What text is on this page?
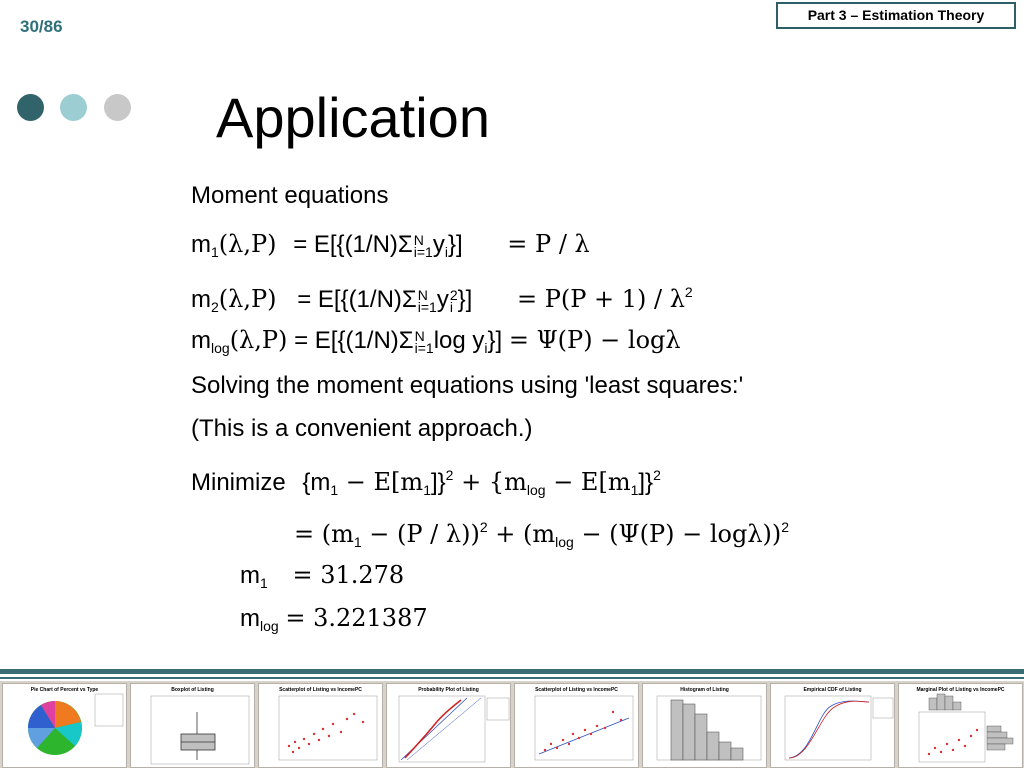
30/86
Part 3 – Estimation Theory
Application
Moment equations
$m_1(\lambda,P) = E[\{(1/N)\Sigma$ N
i=1 $y_i\}] = P / \lambda$
$m_2(\lambda,P) = E[\{(1/N)\Sigma$ N
i=1 y 2
i }] = $P(P + 1) / \lambda^2$
$m_{log}(\lambda,P) = E[\{(1/N)\Sigma$ N
i=1 $\log y_i\}] = \Psi(P) - \log\lambda$
Solving the moment equations using 'least squares:'
(This is a convenient approach.)
Minimize $\{m_1 - E[m_1]\}^2 + \{m_{log} - E[m_1]\}^2$
= $(m_1 - (P / \lambda))^2 + (m_{log} - (\Psi(P) - \log\lambda))^2$
$m_1 = 31.278$
$m_{log} = 3.221387$
Pie Chart of Percent vs Type	Boxplot of Listing	Scatterplot of Listing vs IncomePC	Probability Plot of Listing	Scatterplot of Listing vs IncomePC	Histogram of Listing	Empirical CDF of Listing	Marginal Plot of Listing vs IncomePC
